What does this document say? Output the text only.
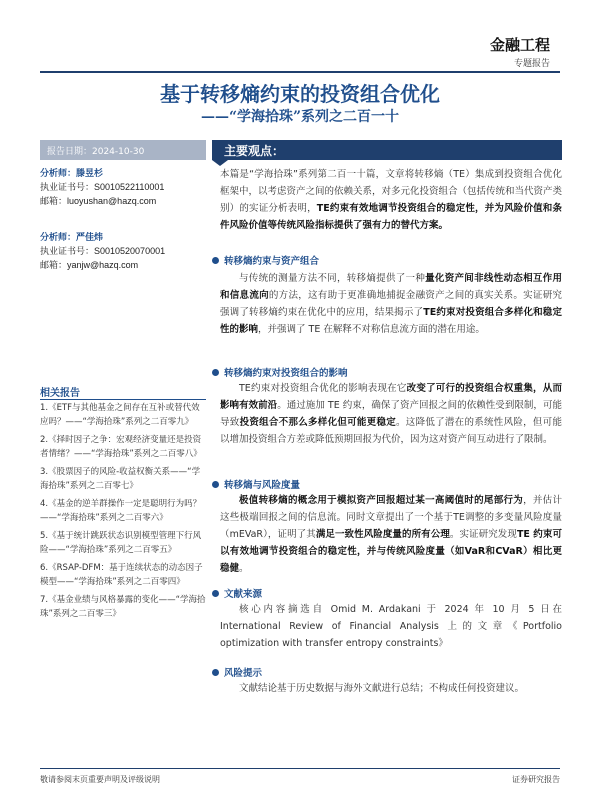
金融工程
专题报告
基于转移熵约束的投资组合优化
——“学海拾珠”系列之二百一十
报告日期：2024-10-30
分析师：滕昱杉
执业证书号：S0010522110001
邮箱：luoyushan@hazq.com
分析师：严佳炜
执业证书号：S0010520070001
邮箱：yanjw@hazq.com
相关报告
1.《ETF与其他基金之间存在互补或替代效应吗？——“学海拾珠”系列之二百零九》
2.《择时因子之争：宏观经济变量还是投资者情绪？——“学海拾珠”系列之二百零八》
3.《股票因子的风险-收益权衡关系——“学海拾珠”系列之二百零七》
4.《基金的逆羊群操作一定是聪明行为吗？——“学海拾珠”系列之二百零六》
5.《基于统计跳跃状态识别模型管理下行风险——“学海拾珠”系列之二百零五》
6.《RSAP-DFM：基于连续状态的动态因子模型——“学海拾珠”系列之二百零四》
7.《基金业绩与风格暴露的变化——“学海拾珠”系列之二百零三》
主要观点：
本篇是“学海拾珠”系列第二百一十篇，文章将转移熵（TE）集成到投资组合优化框架中，以考虑资产之间的依赖关系，对多元化投资组合（包括传统和当代资产类别）的实证分析表明，TE约束有效地调节投资组合的稳定性，并为风险价值和条件风险价值等传统风险指标提供了强有力的替代方案。
转移熵约束与资产组合
与传统的测量方法不同，转移熵提供了一种量化资产间非线性动态相互作用和信息流向的方法，这有助于更准确地捕捉金融资产之间的真实关系。实证研究强调了转移熵约束在优化中的应用，结果揭示了TE约束对投资组合多样化和稳定性的影响，并强调了 TE 在解释不对称信息流方面的潜在用途。
转移熵约束对投资组合的影响
TE约束对投资组合优化的影响表现在它改变了可行的投资组合权重集，从而影响有效前沿。通过施加 TE 约束，确保了资产回报之间的依赖性受到限制，可能导致投资组合不那么多样化但可能更稳定。这降低了潜在的系统性风险，但可能以增加投资组合方差或降低预期回报为代价，因为这对资产间互动进行了限制。
转移熵与风险度量
极值转移熵的概念用于模拟资产回报超过某一高阈值时的尾部行为，并估计这些极端回报之间的信息流。同时文章提出了一个基于TE调整的多变量风险度量（mEVaR），证明了其满足一致性风险度量的所有公理。实证研究发现TE 约束可以有效地调节投资组合的稳定性，并与传统风险度量（如VaR和CVaR）相比更稳健。
文献来源
核心内容摘选自 Omid M. Ardakani 于 2024 年 10 月 5 日在 International Review of Financial Analysis 上的文章《Portfolio optimization with transfer entropy constraints》
风险提示
文献结论基于历史数据与海外文献进行总结；不构成任何投资建议。
敬请参阅末页重要声明及评级说明	证券研究报告
